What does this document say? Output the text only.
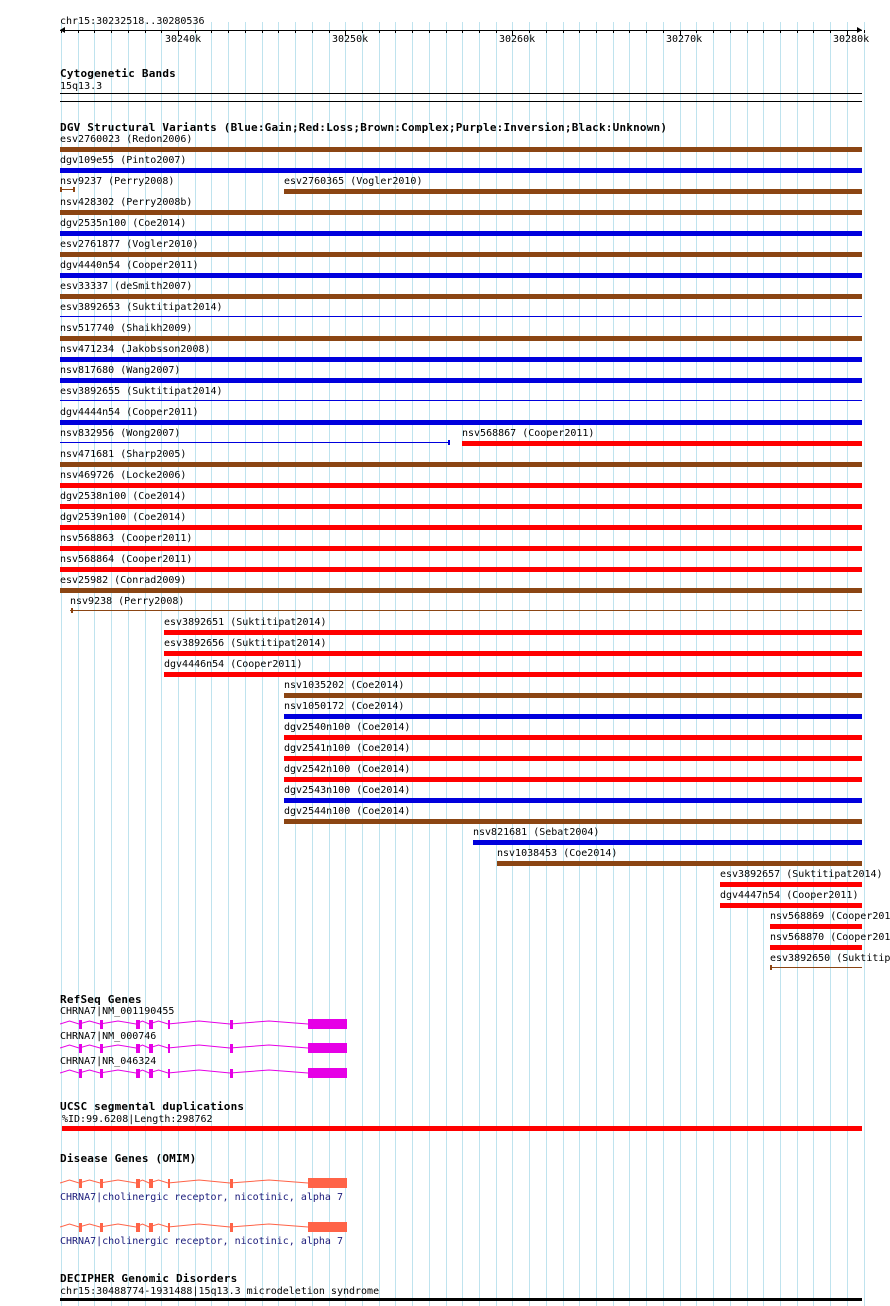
chr15:30232518..30280536
30240k	30250k	30260k	30270k	30280k
Cytogenetic Bands
15q13.3
DGV Structural Variants (Blue:Gain;Red:Loss;Brown:Complex;Purple:Inversion;Black:Unknown)
esv2760023 (Redon2006)
dgv109e55 (Pinto2007)
nsv9237 (Perry2008)	esv2760365 (Vogler2010)
nsv428302 (Perry2008b)
dgv2535n100 (Coe2014)
esv2761877 (Vogler2010)
dgv4440n54 (Cooper2011)
esv33337 (deSmith2007)
esv3892653 (Suktitipat2014)
nsv517740 (Shaikh2009)
nsv471234 (Jakobsson2008)
nsv817680 (Wang2007)
esv3892655 (Suktitipat2014)
dgv4444n54 (Cooper2011)
nsv832956 (Wong2007)	nsv568867 (Cooper2011)
nsv471681 (Sharp2005)
nsv469726 (Locke2006)
dgv2538n100 (Coe2014)
dgv2539n100 (Coe2014)
nsv568863 (Cooper2011)
nsv568864 (Cooper2011)
esv25982 (Conrad2009)
nsv9238 (Perry2008)
esv3892651 (Suktitipat2014)
esv3892656 (Suktitipat2014)
dgv4446n54 (Cooper2011)
nsv1035202 (Coe2014)
nsv1050172 (Coe2014)
dgv2540n100 (Coe2014)
dgv2541n100 (Coe2014)
dgv2542n100 (Coe2014)
dgv2543n100 (Coe2014)
dgv2544n100 (Coe2014)
nsv821681 (Sebat2004)
nsv1038453 (Coe2014)
esv3892657 (Suktitipat2014)
dgv4447n54 (Cooper2011)
nsv568869 (Cooper201
nsv568870 (Cooper201
esv3892650 (Suktitip
RefSeq Genes
CHRNA7|NM_001190455
CHRNA7|NM_000746
CHRNA7|NR_046324
UCSC segmental duplications
%ID:99.6208|Length:298762
Disease Genes (OMIM)
CHRNA7|cholinergic receptor, nicotinic, alpha 7
CHRNA7|cholinergic receptor, nicotinic, alpha 7
DECIPHER Genomic Disorders
chr15:30488774-1931488|15q13.3 microdeletion syndrome
